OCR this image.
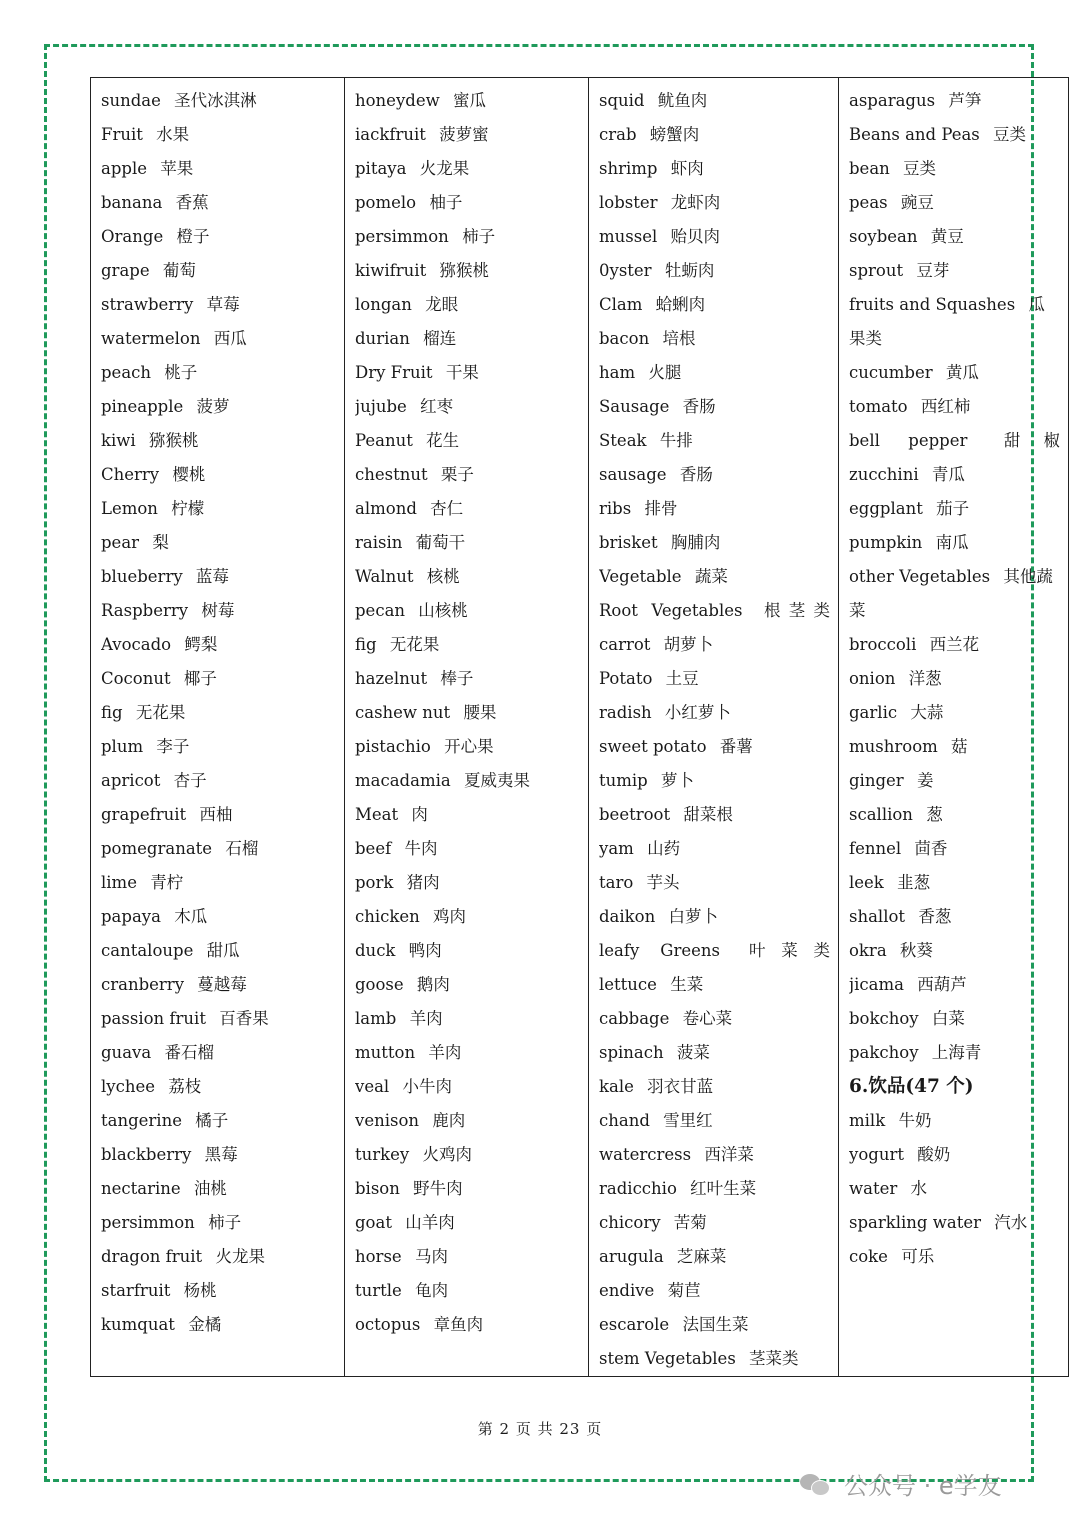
sundae 圣代冰淇淋
Fruit 水果
apple 苹果
banana 香蕉
Orange 橙子
grape 葡萄
strawberry 草莓
watermelon 西瓜
peach 桃子
pineapple 菠萝
kiwi 猕猴桃
Cherry 樱桃
Lemon 柠檬
pear 梨
blueberry 蓝莓
Raspberry 树莓
Avocado 鳄梨
Coconut 椰子
fig 无花果
plum 李子
apricot 杏子
grapefruit 西柚
pomegranate 石榴
lime 青柠
papaya 木瓜
cantaloupe 甜瓜
cranberry 蔓越莓
passion fruit 百香果
guava 番石榴
lychee 荔枝
tangerine 橘子
blackberry 黑莓
nectarine 油桃
persimmon 柿子
dragon fruit 火龙果
starfruit 杨桃
kumquat 金橘

honeydew 蜜瓜
iackfruit 菠萝蜜
pitaya 火龙果
pomelo 柚子
persimmon 柿子
kiwifruit 猕猴桃
longan 龙眼
durian 榴连
Dry Fruit 干果
jujube 红枣
Peanut 花生
chestnut 栗子
almond 杏仁
raisin 葡萄干
Walnut 核桃
pecan 山核桃
fig 无花果
hazelnut 棒子
cashew nut 腰果
pistachio 开心果
macadamia 夏威夷果
Meat 肉
beef 牛肉
pork 猪肉
chicken 鸡肉
duck 鸭肉
goose 鹅肉
lamb 羊肉
mutton 羊肉
veal 小牛肉
venison 鹿肉
turkey 火鸡肉
bison 野牛肉
goat 山羊肉
horse 马肉
turtle 龟肉
octopus 章鱼肉

squid 鱿鱼肉
crab 螃蟹肉
shrimp 虾肉
lobster 龙虾肉
mussel 贻贝肉
0yster 牡蛎肉
Clam 蛤蜊肉
bacon 培根
ham 火腿
Sausage 香肠
Steak 牛排
sausage 香肠
ribs 排骨
brisket 胸脯肉
Vegetable 蔬菜
Root Vegetables 根茎类
carrot 胡萝卜
Potato 土豆
radish 小红萝卜
sweet potato 番薯
tumip 萝卜
beetroot 甜菜根
yam 山药
taro 芋头
daikon 白萝卜
leafy Greens 叶菜类
lettuce 生菜
cabbage 卷心菜
spinach 菠菜
kale 羽衣甘蓝
chand 雪里红
watercress 西洋菜
radicchio 红叶生菜
chicory 苦菊
arugula 芝麻菜
endive 菊苣
escarole 法国生菜
stem Vegetables 茎菜类

asparagus 芦笋
Beans and Peas 豆类
bean 豆类
peas 豌豆
soybean 黄豆
sprout 豆芽
fruits and Squashes 瓜果类
cucumber 黄瓜
tomato 西红柿
bell pepper 甜椒
zucchini 青瓜
eggplant 茄子
pumpkin 南瓜
other Vegetables 其他蔬菜
broccoli 西兰花
onion 洋葱
garlic 大蒜
mushroom 菇
ginger 姜
scallion 葱
fennel 茴香
leek 韭葱
shallot 香葱
okra 秋葵
jicama 西葫芦
bokchoy 白菜
pakchoy 上海青
6.饮品(47 个)
milk 牛奶
yogurt 酸奶
water 水
sparkling water 汽水
coke 可乐
第 2 页 共 23 页
公众号 · e学友
